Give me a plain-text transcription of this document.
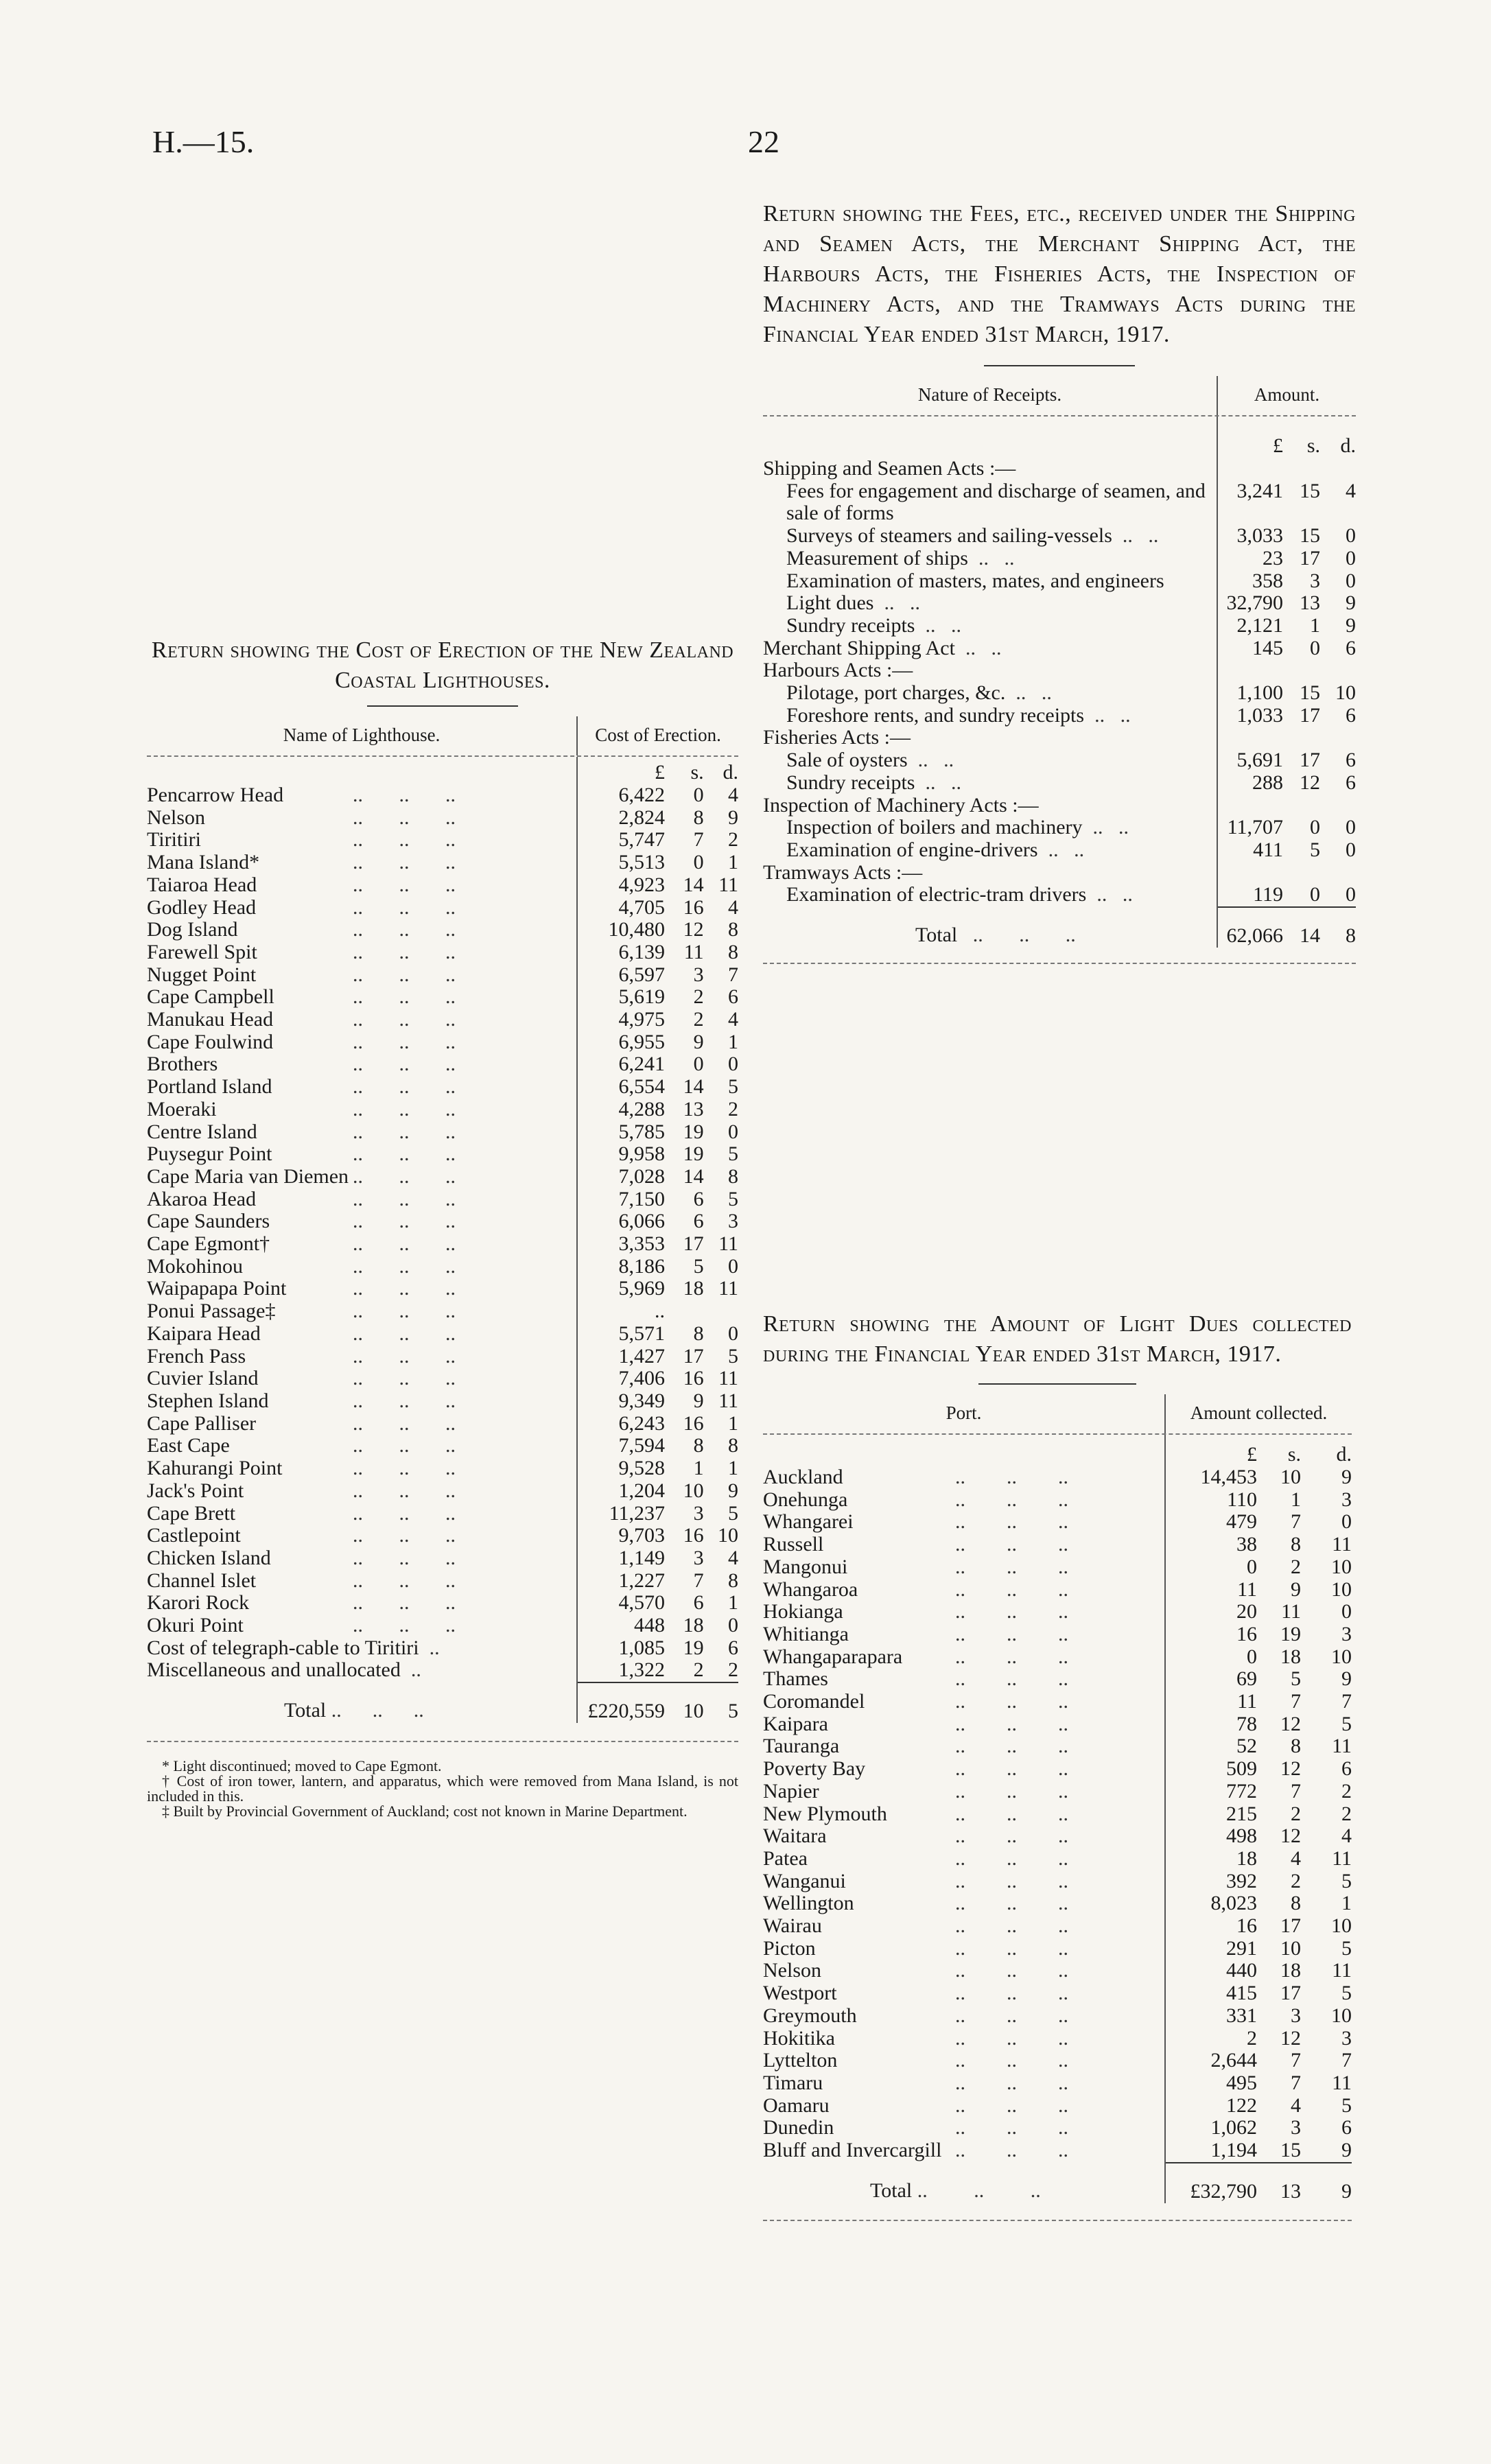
H.—15.	22
Return showing the Cost of Erection of the New Zealand Coastal Lighthouses.
Name of Lighthouse.	Cost of Erection.		

	£	s.	d.
Pencarrow Head ..       ..       ..	6,422	0	4
Nelson ..       ..       ..	2,824	8	9
Tiritiri ..       ..       ..	5,747	7	2
Mana Island* ..       ..       ..	5,513	0	1
Taiaroa Head ..       ..       ..	4,923	14	11
Godley Head ..       ..       ..	4,705	16	4
Dog Island ..       ..       ..	10,480	12	8
Farewell Spit ..       ..       ..	6,139	11	8
Nugget Point ..       ..       ..	6,597	3	7
Cape Campbell ..       ..       ..	5,619	2	6
Manukau Head ..       ..       ..	4,975	2	4
Cape Foulwind ..       ..       ..	6,955	9	1
Brothers ..       ..       ..	6,241	0	0
Portland Island ..       ..       ..	6,554	14	5
Moeraki ..       ..       ..	4,288	13	2
Centre Island ..       ..       ..	5,785	19	0
Puysegur Point ..       ..       ..	9,958	19	5
Cape Maria van Diemen ..       ..       ..	7,028	14	8
Akaroa Head ..       ..       ..	7,150	6	5
Cape Saunders ..       ..       ..	6,066	6	3
Cape Egmont† ..       ..       ..	3,353	17	11
Mokohinou ..       ..       ..	8,186	5	0
Waipapapa Point ..       ..       ..	5,969	18	11
Ponui Passage‡ ..       ..       ..	..		
Kaipara Head ..       ..       ..	5,571	8	0
French Pass ..       ..       ..	1,427	17	5
Cuvier Island ..       ..       ..	7,406	16	11
Stephen Island ..       ..       ..	9,349	9	11
Cape Palliser ..       ..       ..	6,243	16	1
East Cape ..       ..       ..	7,594	8	8
Kahurangi Point ..       ..       ..	9,528	1	1
Jack's Point ..       ..       ..	1,204	10	9
Cape Brett ..       ..       ..	11,237	3	5
Castlepoint ..       ..       ..	9,703	16	10
Chicken Island ..       ..       ..	1,149	3	4
Channel Islet ..       ..       ..	1,227	7	8
Karori Rock ..       ..       ..	4,570	6	1
Okuri Point ..       ..       ..	448	18	0
Cost of telegraph-cable to Tiritiri  ..	1,085	19	6
Miscellaneous and unallocated  ..	1,322	2	2
Total ..      ..      ..	£220,559	10	5

* Light discontinued; moved to Cape Egmont.

† Cost of iron tower, lantern, and apparatus, which were removed from Mana Island, is not included in this.

‡ Built by Provincial Government of Auckland; cost not known in Marine Department.

Return showing the Fees, etc., received under the Shipping and Seamen Acts, the Merchant Shipping Act, the Harbours Acts, the Fisheries Acts, the Inspection of Machinery Acts, and the Tramways Acts during the Financial Year ended 31st March, 1917.
Nature of Receipts.	Amount.		

	£	s.	d.
Shipping and Seamen Acts :—			
Fees for engagement and discharge of seamen, and sale of forms	3,241	15	4
Surveys of steamers and sailing-vessels  ..   ..	3,033	15	0
Measurement of ships  ..   ..	23	17	0
Examination of masters, mates, and engineers	358	3	0
Light dues  ..   ..	32,790	13	9
Sundry receipts  ..   ..	2,121	1	9
Merchant Shipping Act  ..   ..	145	0	6
Harbours Acts :—			
Pilotage, port charges, &c.  ..   ..	1,100	15	10
Foreshore rents, and sundry receipts  ..   ..	1,033	17	6
Fisheries Acts :—			
Sale of oysters  ..   ..	5,691	17	6
Sundry receipts  ..   ..	288	12	6
Inspection of Machinery Acts :—			
Inspection of boilers and machinery  ..   ..	11,707	0	0
Examination of engine-drivers  ..   ..	411	5	0
Tramways Acts :—			
Examination of electric-tram drivers  ..   ..	119	0	0
Total   ..       ..       ..	62,066	14	8
Return showing the Amount of Light Dues collected during the Financial Year ended 31st March, 1917.
Port.	Amount collected.		

	£	s.	d.
Auckland ..        ..        ..	14,453	10	9
Onehunga ..        ..        ..	110	1	3
Whangarei ..        ..        ..	479	7	0
Russell ..        ..        ..	38	8	11
Mangonui ..        ..        ..	0	2	10
Whangaroa ..        ..        ..	11	9	10
Hokianga ..        ..        ..	20	11	0
Whitianga ..        ..        ..	16	19	3
Whangaparapara ..        ..        ..	0	18	10
Thames ..        ..        ..	69	5	9
Coromandel ..        ..        ..	11	7	7
Kaipara ..        ..        ..	78	12	5
Tauranga ..        ..        ..	52	8	11
Poverty Bay ..        ..        ..	509	12	6
Napier ..        ..        ..	772	7	2
New Plymouth ..        ..        ..	215	2	2
Waitara ..        ..        ..	498	12	4
Patea ..        ..        ..	18	4	11
Wanganui ..        ..        ..	392	2	5
Wellington ..        ..        ..	8,023	8	1
Wairau ..        ..        ..	16	17	10
Picton ..        ..        ..	291	10	5
Nelson ..        ..        ..	440	18	11
Westport ..        ..        ..	415	17	5
Greymouth ..        ..        ..	331	3	10
Hokitika ..        ..        ..	2	12	3
Lyttelton ..        ..        ..	2,644	7	7
Timaru ..        ..        ..	495	7	11
Oamaru ..        ..        ..	122	4	5
Dunedin ..        ..        ..	1,062	3	6
Bluff and Invercargill ..        ..        ..	1,194	15	9
Total ..         ..         ..	£32,790	13	9
